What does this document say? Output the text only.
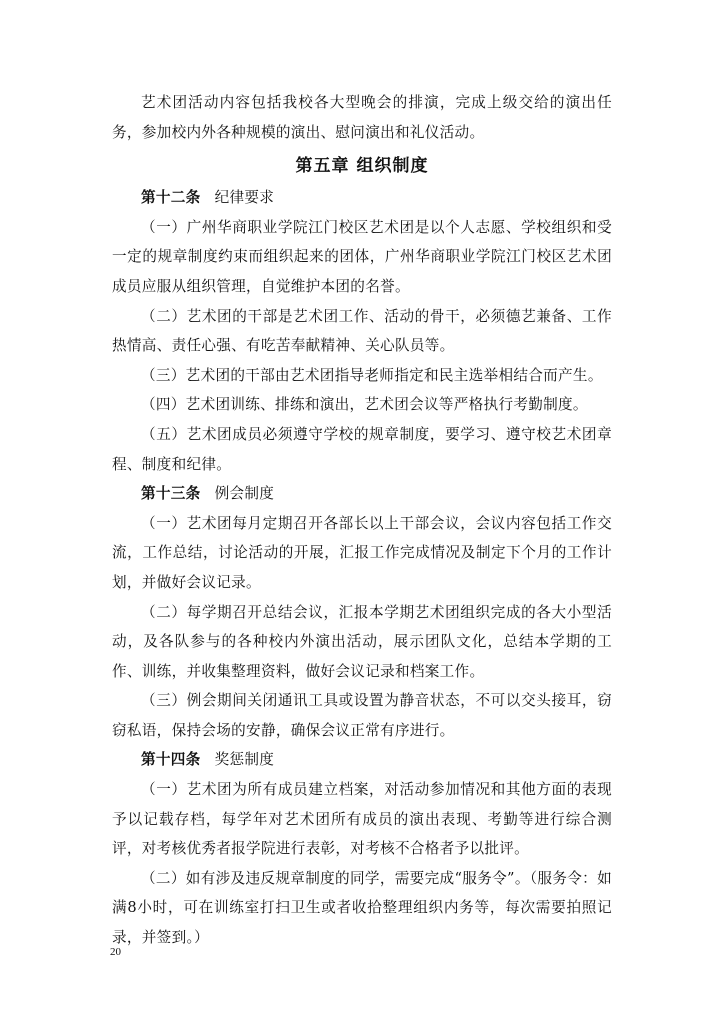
艺术团活动内容包括我校各大型晚会的排演，完成上级交给的演出任务，参加校内外各种规模的演出、慰问演出和礼仪活动。

第五章 组织制度

第十二条 纪律要求

（一）广州华商职业学院江门校区艺术团是以个人志愿、学校组织和受一定的规章制度约束而组织起来的团体，广州华商职业学院江门校区艺术团成员应服从组织管理，自觉维护本团的名誉。

（二）艺术团的干部是艺术团工作、活动的骨干，必须德艺兼备、工作热情高、责任心强、有吃苦奉献精神、关心队员等。

（三）艺术团的干部由艺术团指导老师指定和民主选举相结合而产生。

（四）艺术团训练、排练和演出，艺术团会议等严格执行考勤制度。

（五）艺术团成员必须遵守学校的规章制度，要学习、遵守校艺术团章程、制度和纪律。

第十三条 例会制度

（一）艺术团每月定期召开各部长以上干部会议，会议内容包括工作交流，工作总结，讨论活动的开展，汇报工作完成情况及制定下个月的工作计划，并做好会议记录。

（二）每学期召开总结会议，汇报本学期艺术团组织完成的各大小型活动，及各队参与的各种校内外演出活动，展示团队文化，总结本学期的工作、训练，并收集整理资料，做好会议记录和档案工作。

（三）例会期间关闭通讯工具或设置为静音状态，不可以交头接耳，窃窃私语，保持会场的安静，确保会议正常有序进行。

第十四条 奖惩制度

（一）艺术团为所有成员建立档案，对活动参加情况和其他方面的表现予以记载存档，每学年对艺术团所有成员的演出表现、考勤等进行综合测评，对考核优秀者报学院进行表彰，对考核不合格者予以批评。

（二）如有涉及违反规章制度的同学，需要完成“服务令”。（服务令：如满8小时，可在训练室打扫卫生或者收拾整理组织内务等，每次需要拍照记录，并签到。）

20
